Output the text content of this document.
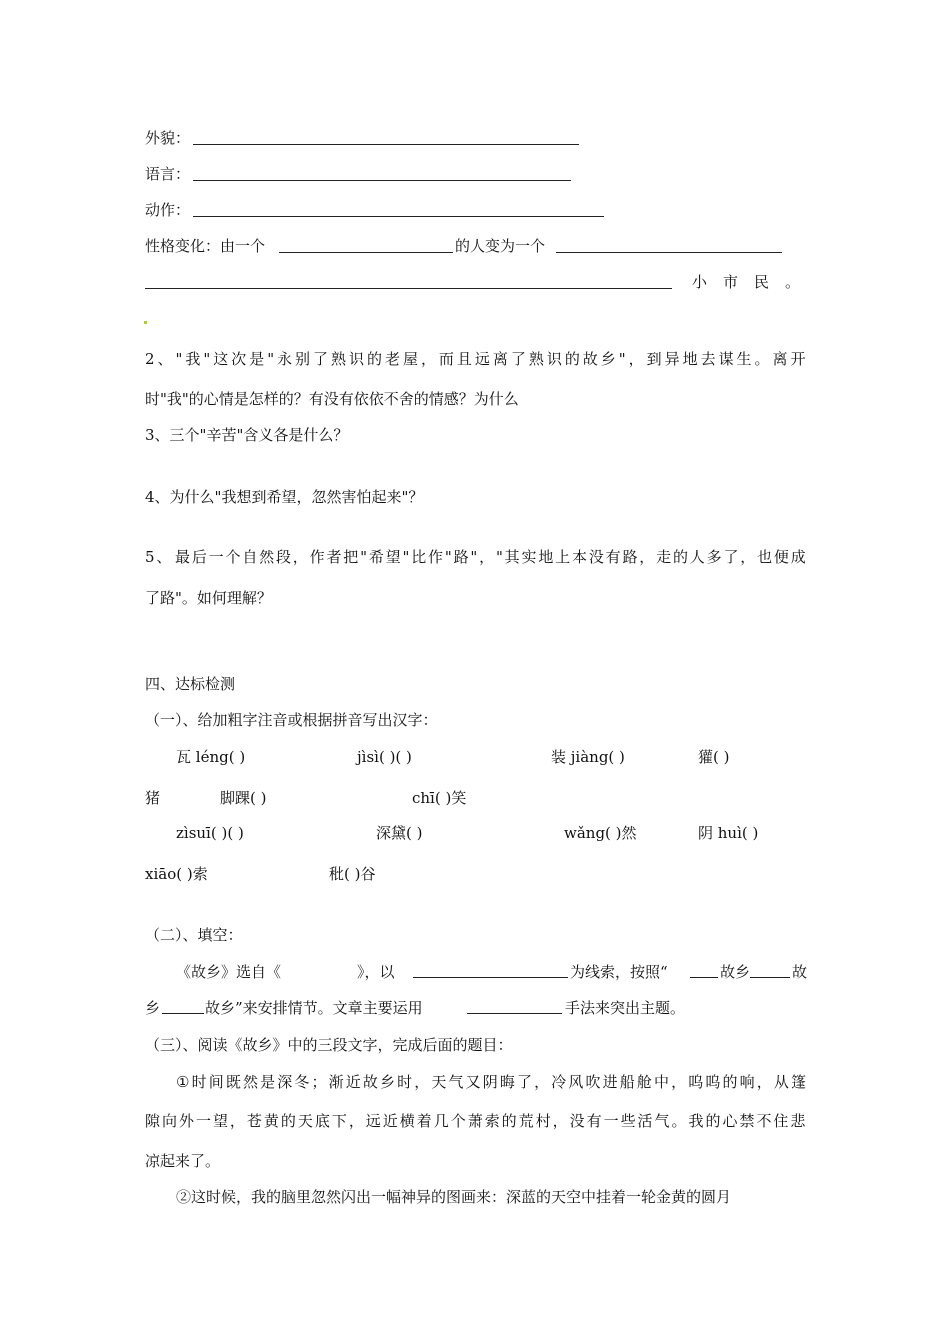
外貌：
语言：
动作：
性格变化：由一个	的人变为一个
小 市 民 。
2 、 " 我 " 这 次 是 " 永 别 了 熟 识 的 老 屋 ， 而 且 远 离 了 熟 识 的 故 乡 " ， 到 异 地 去 谋 生 。 离 开
时"我"的心情是怎样的？有没有依依不舍的情感？为什么
3、三个"辛苦"含义各是什么？
4、为什么"我想到希望，忽然害怕起来"？
5 、 最 后 一 个 自 然 段 ， 作 者 把 " 希 望 " 比 作 " 路 " ， " 其 实 地 上 本 没 有 路 ， 走 的 人 多 了 ， 也 便 成
了路"。如何理解？
四、达标检测
（一）、给加粗字注音或根据拼音写出汉字：
瓦 léng( )	jìsì( )( )	装 jiàng( )	獾( )
猪	脚踝( )	chī( )笑
zìsuī( )( )	深黛( )	wǎng( )然	阴 huì( )
xiāo( )索	秕( )谷
（二）、填空：
《故乡》选自《	》，以	为线索，按照“	故乡	故
乡	故乡”来安排情节。文章主要运用	手法来突出主题。
（三）、阅读《故乡》中的三段文字，完成后面的题目：
① 时 间 既 然 是 深 冬 ； 渐 近 故 乡 时 ， 天 气 又 阴 晦 了 ， 冷 风 吹 进 船 舱 中 ， 呜 呜 的 响 ， 从 篷
隙 向 外 一 望 ， 苍 黄 的 天 底 下 ， 远 近 横 着 几 个 萧 索 的 荒 村 ， 没 有 一 些 活 气 。 我 的 心 禁 不 住 悲
凉起来了。
②这时候，我的脑里忽然闪出一幅神异的图画来：深蓝的天空中挂着一轮金黄的圆月
